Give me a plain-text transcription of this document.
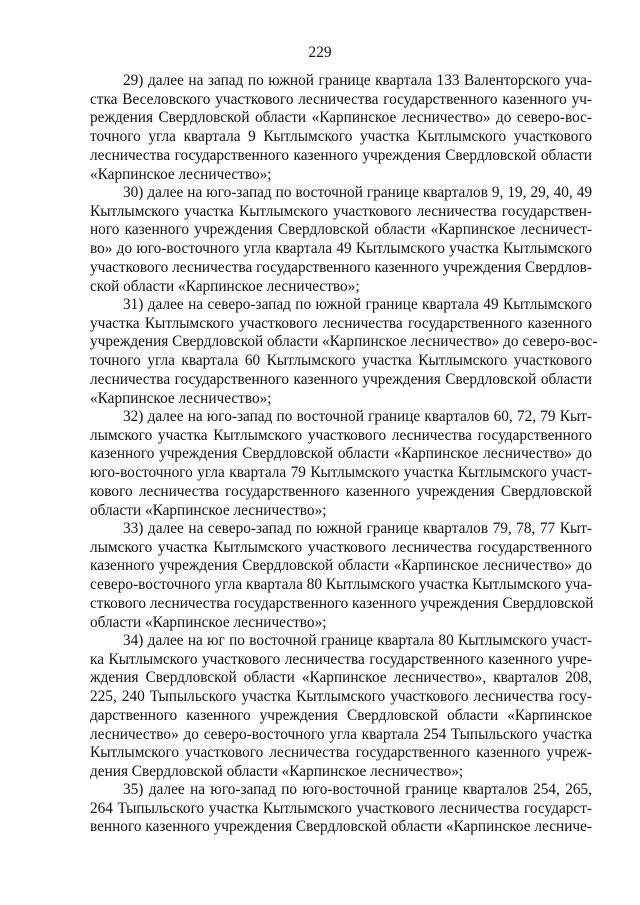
229
29) далее на запад по южной границе квартала 133 Валенторского уча-
стка Веселовского участкового лесничества государственного казенного уч-
реждения Свердловской области «Карпинское лесничество» до северо-вос-
точного угла квартала 9 Кытлымского участка Кытлымского участкового
лесничества государственного казенного учреждения Свердловской области
«Карпинское лесничество»;
30) далее на юго-запад по восточной границе кварталов 9, 19, 29, 40, 49
Кытлымского участка Кытлымского участкового лесничества государствен-
ного казенного учреждения Свердловской области «Карпинское лесничест-
во» до юго-восточного угла квартала 49 Кытлымского участка Кытлымского
участкового лесничества государственного казенного учреждения Свердлов-
ской области «Карпинское лесничество»;
31) далее на северо-запад по южной границе квартала 49 Кытлымского
участка Кытлымского участкового лесничества государственного казенного
учреждения Свердловской области «Карпинское лесничество» до северо-вос-
точного угла квартала 60 Кытлымского участка Кытлымского участкового
лесничества государственного казенного учреждения Свердловской области
«Карпинское лесничество»;
32) далее на юго-запад по восточной границе кварталов 60, 72, 79 Кыт-
лымского участка Кытлымского участкового лесничества государственного
казенного учреждения Свердловской области «Карпинское лесничество» до
юго-восточного угла квартала 79 Кытлымского участка Кытлымского участ-
кового лесничества государственного казенного учреждения Свердловской
области «Карпинское лесничество»;
33) далее на северо-запад по южной границе кварталов 79, 78, 77 Кыт-
лымского участка Кытлымского участкового лесничества государственного
казенного учреждения Свердловской области «Карпинское лесничество» до
северо-восточного угла квартала 80 Кытлымского участка Кытлымского уча-
сткового лесничества государственного казенного учреждения Свердловской
области «Карпинское лесничество»;
34) далее на юг по восточной границе квартала 80 Кытлымского участ-
ка Кытлымского участкового лесничества государственного казенного учре-
ждения Свердловской области «Карпинское лесничество», кварталов 208,
225, 240 Тыпыльского участка Кытлымского участкового лесничества госу-
дарственного казенного учреждения Свердловской области «Карпинское
лесничество» до северо-восточного угла квартала 254 Тыпыльского участка
Кытлымского участкового лесничества государственного казенного учреж-
дения Свердловской области «Карпинское лесничество»;
35) далее на юго-запад по юго-восточной границе кварталов 254, 265,
264 Тыпыльского участка Кытлымского участкового лесничества государст-
венного казенного учреждения Свердловской области «Карпинское лесниче-
